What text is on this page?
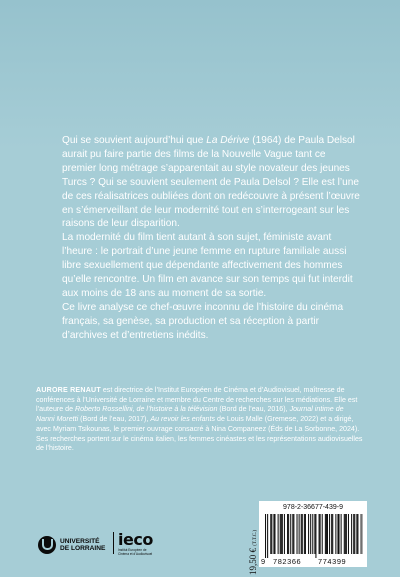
Qui se souvient aujourd’hui que La Dérive (1964) de Paula Delsol aurait pu faire partie des films de la Nouvelle Vague tant ce premier long métrage s’apparentait au style novateur des jeunes Turcs ? Qui se souvient seulement de Paula Delsol ? Elle est l’une de ces réalisatrices oubliées dont on redécouvre à présent l’œuvre en s’émerveillant de leur modernité tout en s’interrogeant sur les raisons de leur disparition.

La modernité du film tient autant à son sujet, féministe avant l’heure : le portrait d’une jeune femme en rupture familiale aussi libre sexuellement que dépendante affectivement des hommes qu’elle rencontre. Un film en avance sur son temps qui fut interdit aux moins de 18 ans au moment de sa sortie.

Ce livre analyse ce chef-œuvre inconnu de l’histoire du cinéma français, sa genèse, sa production et sa réception à partir d’archives et d’entretiens inédits.

AURORE RENAUT est directrice de l’Institut Européen de Cinéma et d’Audiovisuel, maîtresse de conférences à l’Université de Lorraine et membre du Centre de recherches sur les médiations. Elle est l’auteure de Roberto Rossellini, de l’histoire à la télévision (Bord de l’eau, 2016), Journal intime de Nanni Moretti (Bord de l’eau, 2017), Au revoir les enfants de Louis Malle (Gremese, 2022) et a dirigé, avec Myriam Tsikounas, le premier ouvrage consacré à Nina Companeez (Éds de La Sorbonne, 2024). Ses recherches portent sur le cinéma italien, les femmes cinéastes et les représentations audiovisuelles de l’histoire.
UNIVERSITÉ
DE LORRAINE ieco
Institut Européen de Cinéma et d’Audiovisuel	19,50 € (T.T.C.)
978-2-36677-439-9
9 782366 774399
